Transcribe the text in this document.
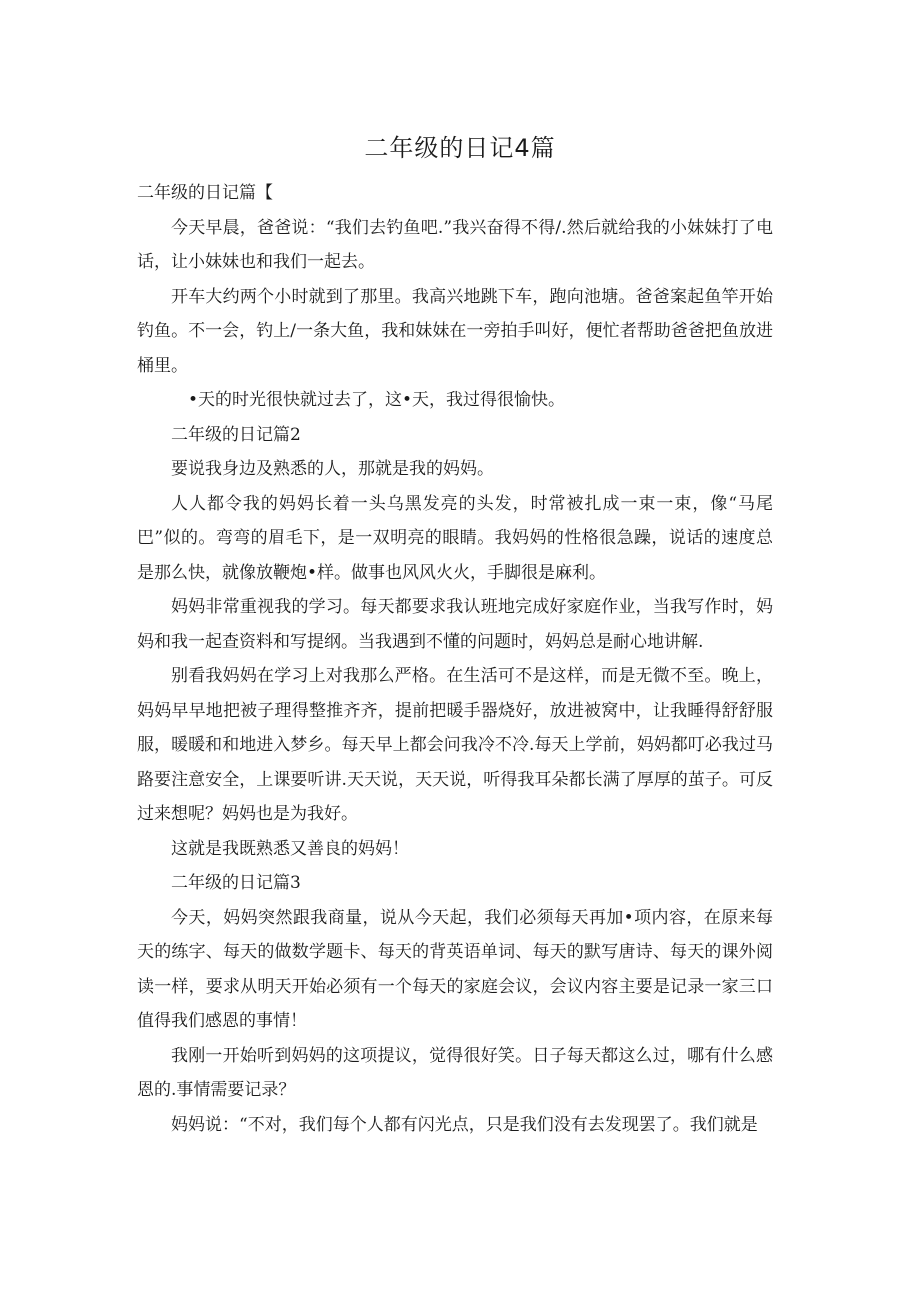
二年级的日记4篇

二年级的日记篇【

今天早晨，爸爸说：“我们去钓鱼吧.”我兴奋得不得/.然后就给我的小妹妹打了电话，让小妹妹也和我们一起去。

开车大约两个小时就到了那里。我高兴地跳下车，跑向池塘。爸爸案起鱼竿开始钓鱼。不一会，钓上/一条大鱼，我和妹妹在一旁拍手叫好，便忙者帮助爸爸把鱼放进桶里。

•天的时光很快就过去了，这•天，我过得很愉快。

二年级的日记篇2

要说我身边及熟悉的人，那就是我的妈妈。

人人都令我的妈妈长着一头乌黑发亮的头发，时常被扎成一束一束，像“马尾巴”似的。弯弯的眉毛下，是一双明亮的眼睛。我妈妈的性格很急躁，说话的速度总是那么快，就像放鞭炮•样。做事也风风火火，手脚很是麻利。

妈妈非常重视我的学习。每天都要求我认班地完成好家庭作业，当我写作时，妈妈和我一起查资料和写提纲。当我遇到不懂的问题时，妈妈总是耐心地讲解.

别看我妈妈在学习上对我那么严格。在生活可不是这样，而是无微不至。晚上，妈妈早早地把被子理得整推齐齐，提前把暖手器烧好，放进被窝中，让我睡得舒舒服服，暖暖和和地进入梦乡。每天早上都会问我冷不冷.每天上学前，妈妈都叮必我过马路要注意安全，上课要听讲.天天说，天天说，听得我耳朵都长满了厚厚的茧子。可反过来想呢？妈妈也是为我好。

这就是我既熟悉又善良的妈妈！

二年级的日记篇3

今天，妈妈突然跟我商量，说从今天起，我们必须每天再加•项内容，在原来每天的练字、每天的做数学题卡、每天的背英语单词、每天的默写唐诗、每天的课外阅读一样，要求从明天开始必须有一个每天的家庭会议，会议内容主要是记录一家三口值得我们感恩的事情！

我刚一开始听到妈妈的这项提议，觉得很好笑。日子每天都这么过，哪有什么感恩的.事情需要记录？

妈妈说：“不对，我们每个人都有闪光点，只是我们没有去发现罢了。我们就是
